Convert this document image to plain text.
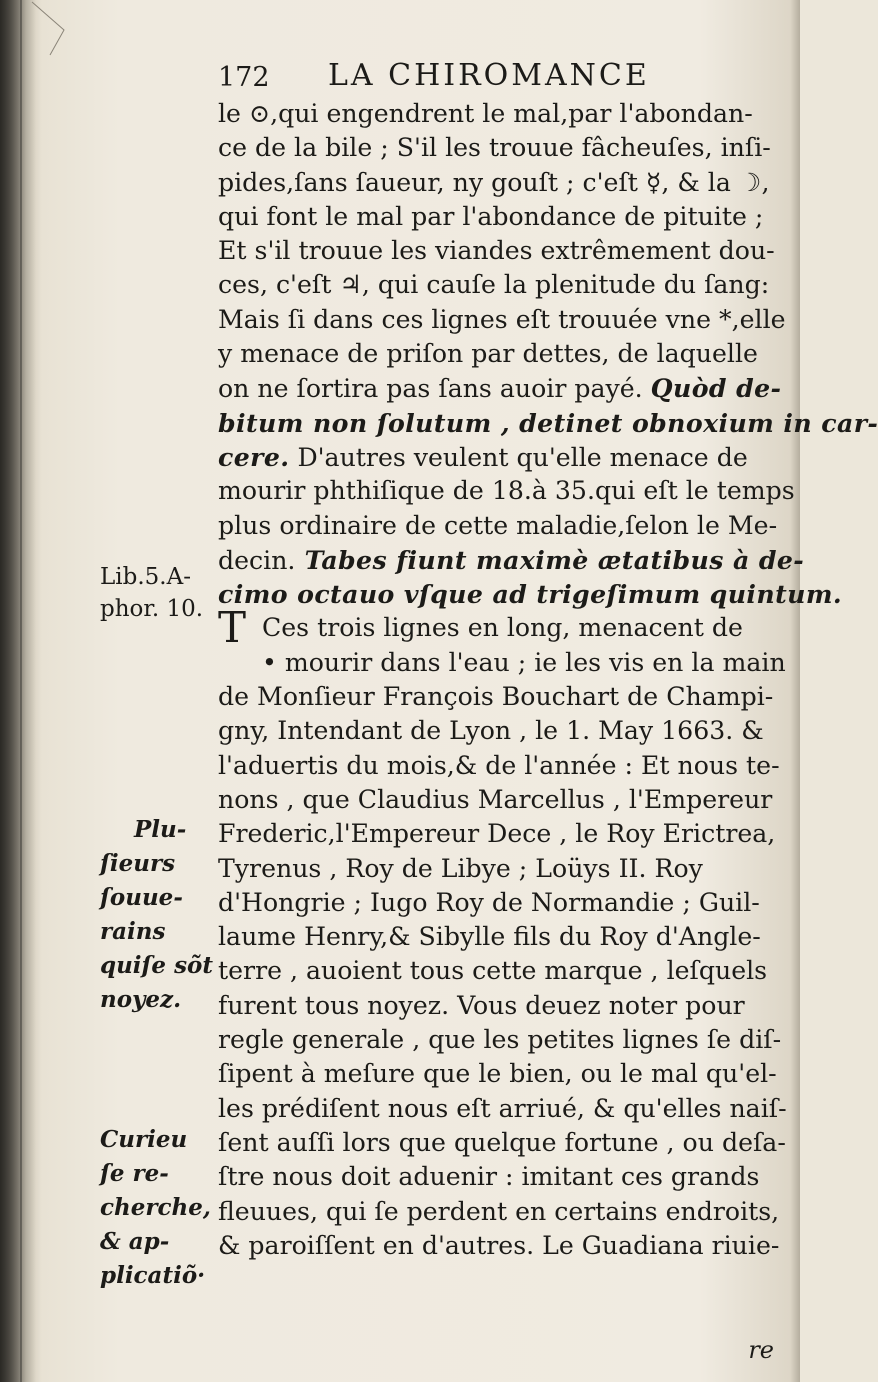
172 LA CHIROMANCE
le ⊙,qui engendrent le mal,par l'abondan-
ce de la bile ; S'il les trouue fâcheuſes, inſi-
pides,ſans ſaueur, ny gouſt ; c'eſt ☿, & la ☽,
qui font le mal par l'abondance de pituite ;
Et s'il trouue les viandes extrêmement dou-
ces, c'eſt ♃, qui cauſe la plenitude du ſang:
Mais ſi dans ces lignes eſt trouuée vne *,elle
y menace de priſon par dettes, de laquelle
on ne ſortira pas ſans auoir payé. Quòd de-
bitum non ſolutum , detinet obnoxium in car-
cere. D'autres veulent qu'elle menace de
mourir phthiſique de 18.à 35.qui eſt le temps
plus ordinaire de cette maladie,ſelon le Me-
decin. Tabes fiunt maximè ætatibus à de-
cimo octauo vſque ad trigeſimum quintum.
T Ces trois lignes en long, menacent de
• mourir dans l'eau ; ie les vis en la main
de Monſieur François Bouchart de Champi-
gny, Intendant de Lyon , le 1. May 1663. &
l'aduertis du mois,& de l'année : Et nous te-
nons , que Claudius Marcellus , l'Empereur
Frederic,l'Empereur Dece , le Roy Erictrea,
Tyrenus , Roy de Libye ; Loüys II. Roy
d'Hongrie ; Iugo Roy de Normandie ; Guil-
laume Henry,& Sibylle fils du Roy d'Angle-
terre , auoient tous cette marque , leſquels
furent tous noyez. Vous deuez noter pour
regle generale , que les petites lignes ſe diſ-
ſipent à meſure que le bien, ou le mal qu'el-
les prédiſent nous eſt arriué, & qu'elles naiſ-
ſent auſſi lors que quelque fortune , ou deſa-
ſtre nous doit aduenir : imitant ces grands
fleuues, qui ſe perdent en certains endroits,
& paroiſſent en d'autres. Le Guadiana riuie-
Lib.5.A-
phor. 10.
Plu-
ſieurs
ſouue-
rains
quiſe sõt
noyez.
Curieu
ſe re-
cherche,
& ap-
plicatiõ·
re
